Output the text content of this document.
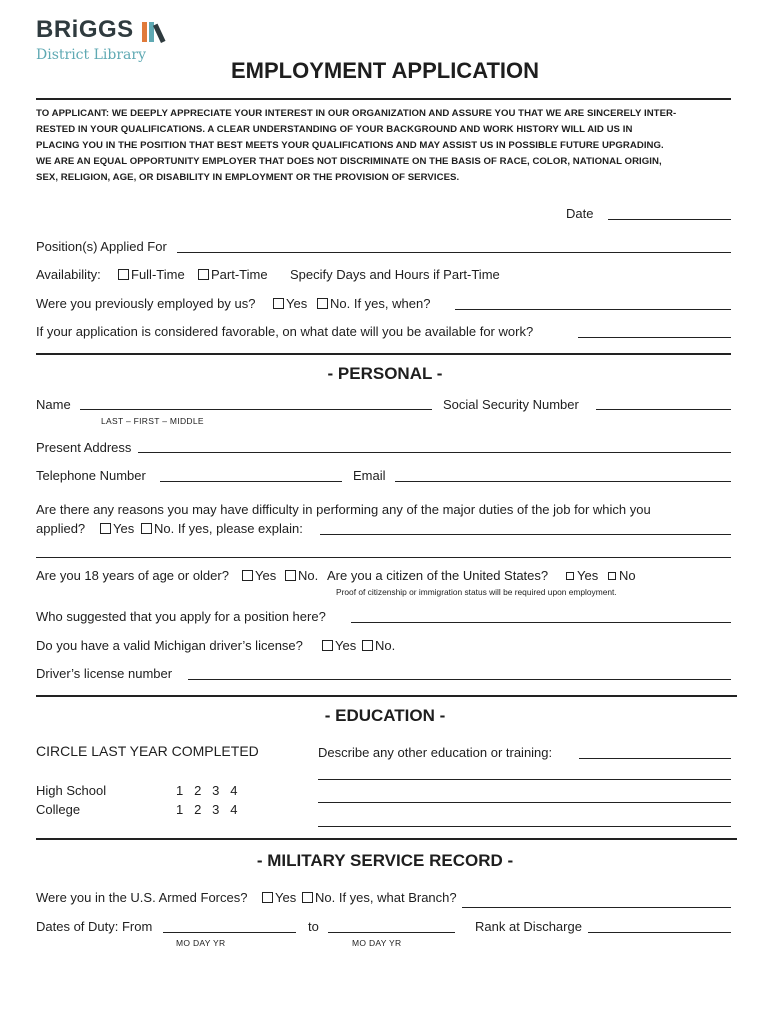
BRiGGS
District Library
EMPLOYMENT APPLICATION
TO APPLICANT: WE DEEPLY APPRECIATE YOUR INTEREST IN OUR ORGANIZATION AND ASSURE YOU THAT WE ARE SINCERELY INTER-
RESTED IN YOUR QUALIFICATIONS. A CLEAR UNDERSTANDING OF YOUR BACKGROUND AND WORK HISTORY WILL AID US IN
PLACING YOU IN THE POSITION THAT BEST MEETS YOUR QUALIFICATIONS AND MAY ASSIST US IN POSSIBLE FUTURE UPGRADING.
WE ARE AN EQUAL OPPORTUNITY EMPLOYER THAT DOES NOT DISCRIMINATE ON THE BASIS OF RACE, COLOR, NATIONAL ORIGIN,
SEX, RELIGION, AGE, OR DISABILITY IN EMPLOYMENT OR THE PROVISION OF SERVICES.
Date
Position(s) Applied For
Availability:	Full-Time	Part-Time Specify Days and Hours if Part-Time
Were you previously employed by us?	Yes	No. If yes, when?
If your application is considered favorable, on what date will you be available for work?
- PERSONAL -
Name
LAST – FIRST – MIDDLE
Social Security Number
Present Address
Telephone Number	Email
Are there any reasons you may have difficulty in performing any of the major duties of the job for which you
applied?	Yes	No. If yes, please explain:
Are you 18 years of age or older?	Yes	No. Are you a citizen of the United States?	Yes	No
Proof of citizenship or immigration status will be required upon employment.
Who suggested that you apply for a position here?
Do you have a valid Michigan driver’s license?	Yes	No.
Driver’s license number
- EDUCATION -
CIRCLE LAST YEAR COMPLETED	Describe any other education or training:
High School	1   2   3   4
College	1   2   3   4
- MILITARY SERVICE RECORD -
Were you in the U.S. Armed Forces?	Yes	No. If yes, what Branch?
Dates of Duty: From
MO DAY YR
to
MO DAY YR
Rank at Discharge
